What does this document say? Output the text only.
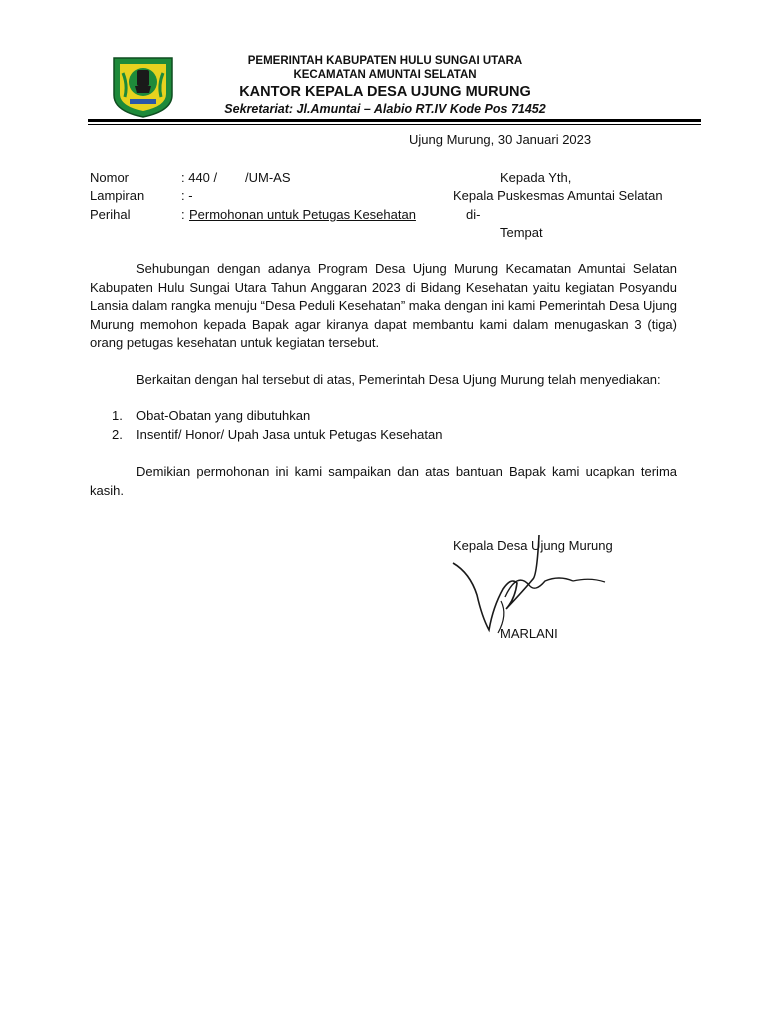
PEMERINTAH KABUPATEN HULU SUNGAI UTARA
KECAMATAN AMUNTAI SELATAN
KANTOR KEPALA DESA UJUNG MURUNG
Sekretariat: Jl.Amuntai – Alabio RT.IV Kode Pos 71452
Ujung Murung, 30 Januari 2023
Nomor	: 440 / /UM-AS
Lampiran	: -
Perihal	: Permohonan untuk Petugas Kesehatan
Kepada Yth,
Kepala Puskesmas Amuntai Selatan
di-
Tempat

Sehubungan dengan adanya Program Desa Ujung Murung Kecamatan Amuntai Selatan Kabupaten Hulu Sungai Utara Tahun Anggaran 2023 di Bidang Kesehatan yaitu kegiatan Posyandu Lansia dalam rangka menuju “Desa Peduli Kesehatan” maka dengan ini kami Pemerintah Desa Ujung Murung memohon kepada Bapak agar kiranya dapat membantu kami dalam menugaskan 3 (tiga) orang petugas kesehatan untuk kegiatan tersebut.

Berkaitan dengan hal tersebut di atas, Pemerintah Desa Ujung Murung telah menyediakan:

1. Obat-Obatan yang dibutuhkan
2. Insentif/ Honor/ Upah Jasa untuk Petugas Kesehatan

Demikian permohonan ini kami sampaikan dan atas bantuan Bapak kami ucapkan terima kasih.

Kepala Desa Ujung Murung
MARLANI
